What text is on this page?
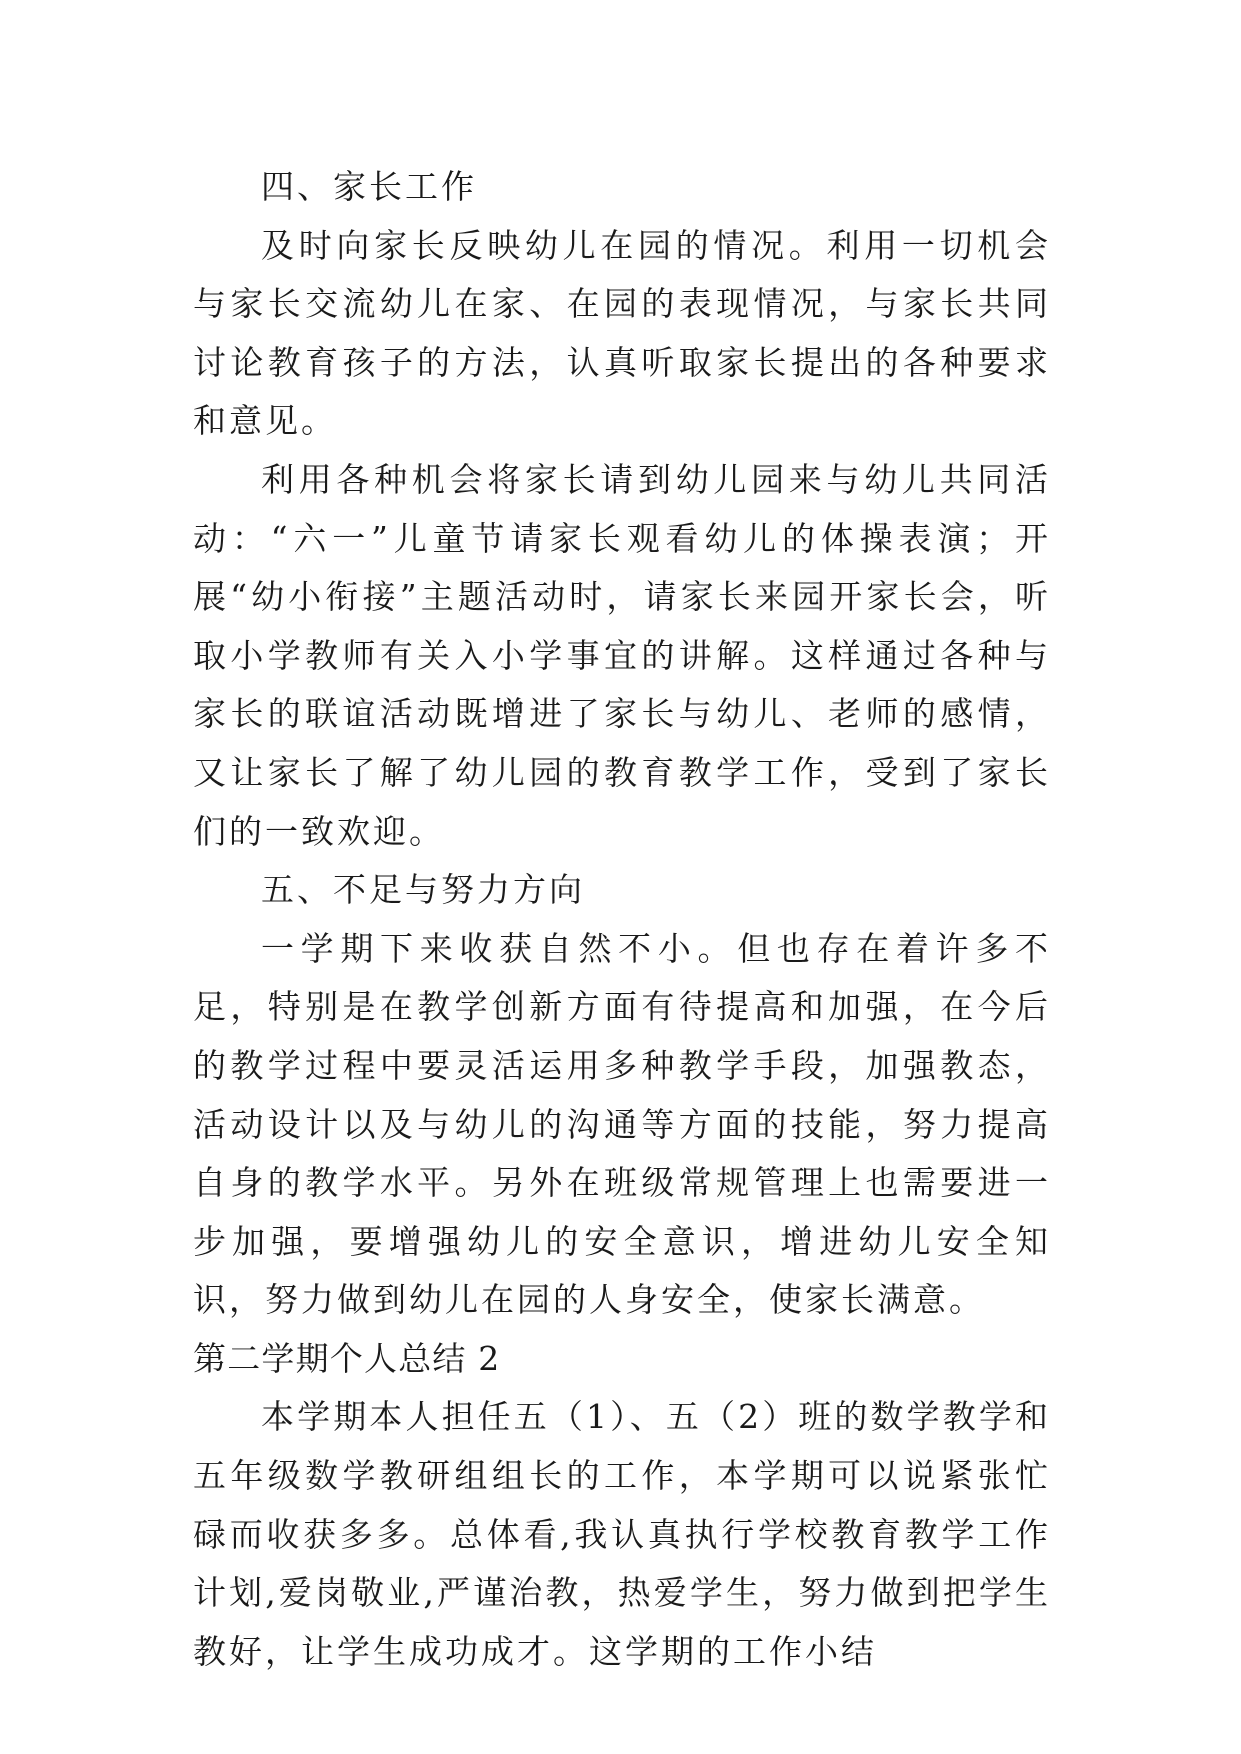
四、家长工作

及时向家长反映幼儿在园的情况。利用一切机会与家长交流幼儿在家、在园的表现情况，与家长共同讨论教育孩子的方法，认真听取家长提出的各种要求和意见。

利用各种机会将家长请到幼儿园来与幼儿共同活动：“六一”儿童节请家长观看幼儿的体操表演；开展“幼小衔接”主题活动时，请家长来园开家长会，听取小学教师有关入小学事宜的讲解。这样通过各种与家长的联谊活动既增进了家长与幼儿、老师的感情，又让家长了解了幼儿园的教育教学工作，受到了家长们的一致欢迎。

五、不足与努力方向

一学期下来收获自然不小。但也存在着许多不足，特别是在教学创新方面有待提高和加强，在今后的教学过程中要灵活运用多种教学手段，加强教态，活动设计以及与幼儿的沟通等方面的技能，努力提高自身的教学水平。另外在班级常规管理上也需要进一步加强，要增强幼儿的安全意识，增进幼儿安全知识，努力做到幼儿在园的人身安全，使家长满意。

第二学期个人总结 2

本学期本人担任五（1）、五（2）班的数学教学和五年级数学教研组组长的工作，本学期可以说紧张忙碌而收获多多。总体看,我认真执行学校教育教学工作计划,爱岗敬业,严谨治教，热爱学生，努力做到把学生教好，让学生成功成才。这学期的工作小结
